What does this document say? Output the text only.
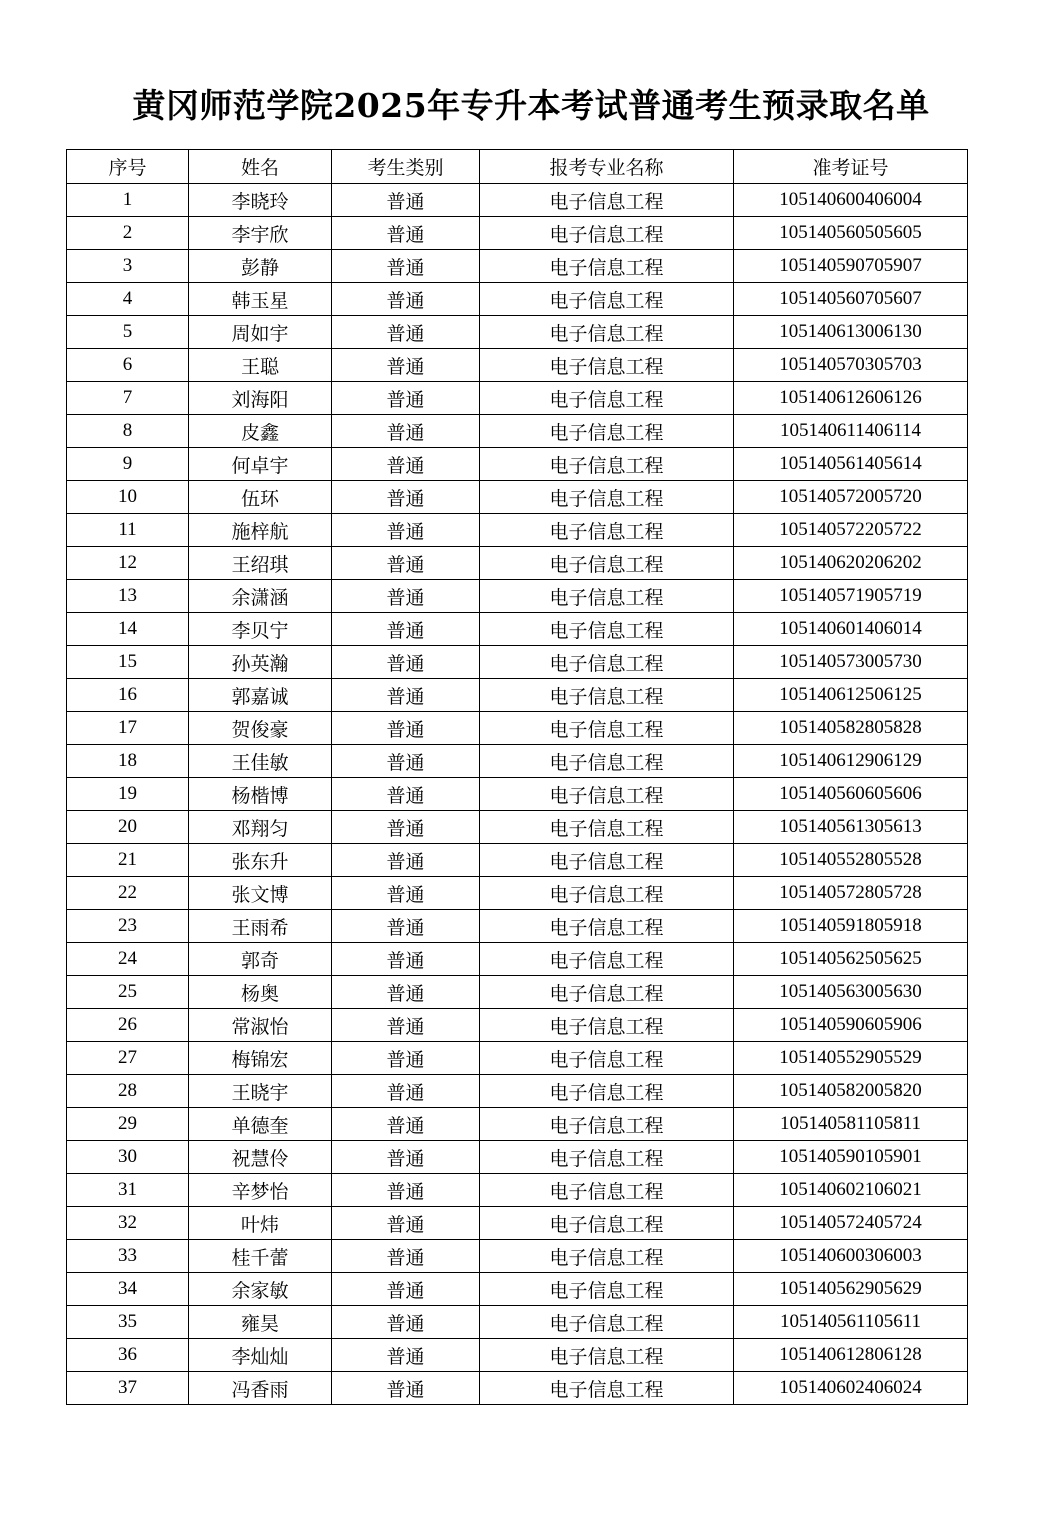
黄冈师范学院2025年专升本考试普通考生预录取名单
序号	姓名	考生类别	报考专业名称	准考证号
1	李晓玲	普通	电子信息工程	105140600406004
2	李宇欣	普通	电子信息工程	105140560505605
3	彭静	普通	电子信息工程	105140590705907
4	韩玉星	普通	电子信息工程	105140560705607
5	周如宇	普通	电子信息工程	105140613006130
6	王聪	普通	电子信息工程	105140570305703
7	刘海阳	普通	电子信息工程	105140612606126
8	皮鑫	普通	电子信息工程	105140611406114
9	何卓宇	普通	电子信息工程	105140561405614
10	伍环	普通	电子信息工程	105140572005720
11	施梓航	普通	电子信息工程	105140572205722
12	王绍琪	普通	电子信息工程	105140620206202
13	余潇涵	普通	电子信息工程	105140571905719
14	李贝宁	普通	电子信息工程	105140601406014
15	孙英瀚	普通	电子信息工程	105140573005730
16	郭嘉诚	普通	电子信息工程	105140612506125
17	贺俊豪	普通	电子信息工程	105140582805828
18	王佳敏	普通	电子信息工程	105140612906129
19	杨楷博	普通	电子信息工程	105140560605606
20	邓翔匀	普通	电子信息工程	105140561305613
21	张东升	普通	电子信息工程	105140552805528
22	张文博	普通	电子信息工程	105140572805728
23	王雨希	普通	电子信息工程	105140591805918
24	郭奇	普通	电子信息工程	105140562505625
25	杨奥	普通	电子信息工程	105140563005630
26	常淑怡	普通	电子信息工程	105140590605906
27	梅锦宏	普通	电子信息工程	105140552905529
28	王晓宇	普通	电子信息工程	105140582005820
29	单德奎	普通	电子信息工程	105140581105811
30	祝慧伶	普通	电子信息工程	105140590105901
31	辛梦怡	普通	电子信息工程	105140602106021
32	叶炜	普通	电子信息工程	105140572405724
33	桂千蕾	普通	电子信息工程	105140600306003
34	余家敏	普通	电子信息工程	105140562905629
35	雍昊	普通	电子信息工程	105140561105611
36	李灿灿	普通	电子信息工程	105140612806128
37	冯香雨	普通	电子信息工程	105140602406024
